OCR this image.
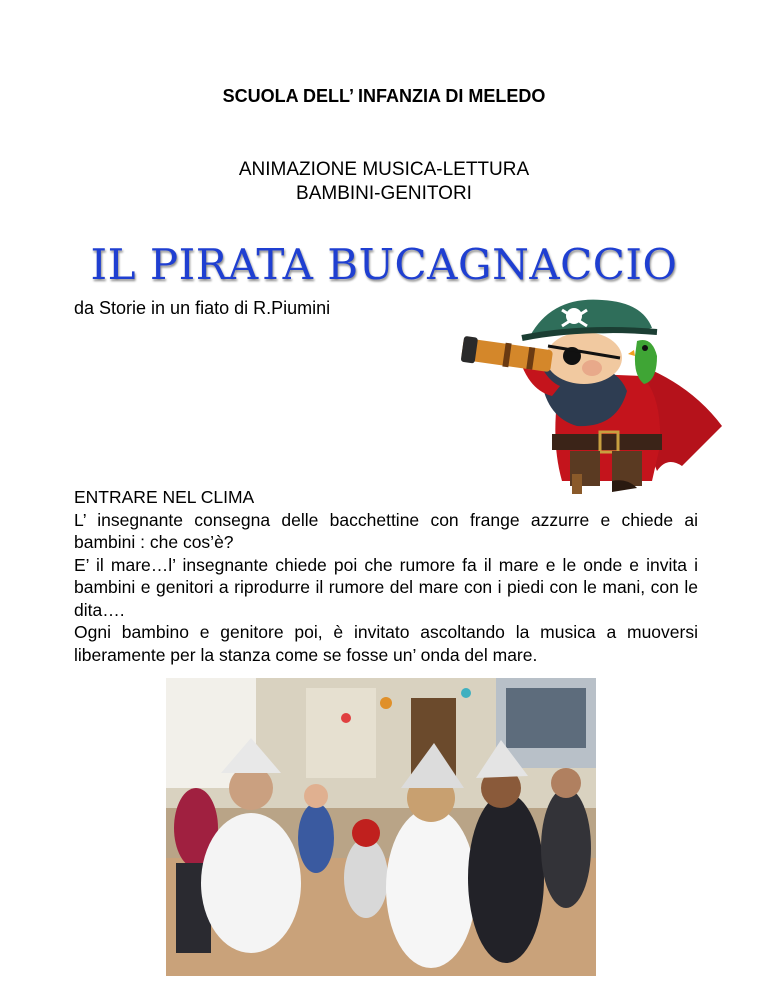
SCUOLA DELL’ INFANZIA DI MELEDO
ANIMAZIONE MUSICA-LETTURA
BAMBINI-GENITORI
IL PIRATA BUCAGNACCIO
da Storie in un fiato di R.Piumini

ENTRARE NEL CLIMA

L’ insegnante consegna delle bacchettine con frange azzurre e chiede ai bambini : che cos’è?

E’ il mare…l’ insegnante chiede poi che rumore fa il mare e le onde e invita i bambini e genitori a riprodurre il rumore del mare con i piedi con le mani, con le dita….

Ogni bambino e genitore poi, è invitato ascoltando la musica a muoversi liberamente per la stanza come se fosse un’ onda del mare.
